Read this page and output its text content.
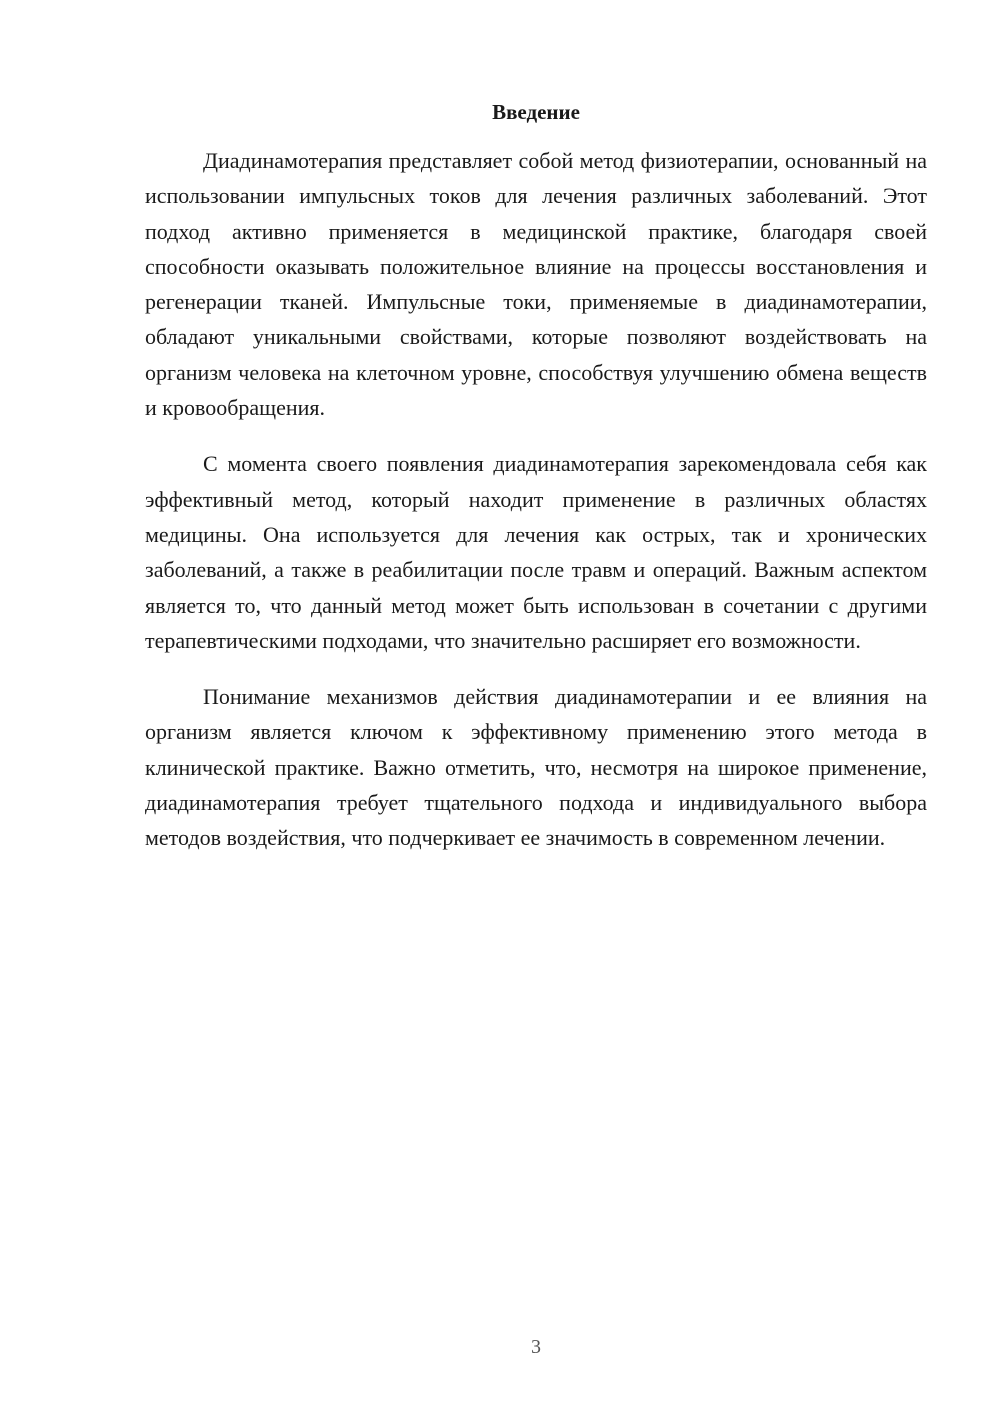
Введение

Диадинамотерапия представляет собой метод физиотерапии, основанный на использовании импульсных токов для лечения различных заболеваний. Этот подход активно применяется в медицинской практике, благодаря своей способности оказывать положительное влияние на процессы восстановления и регенерации тканей. Импульсные токи, применяемые в диадинамотерапии, обладают уникальными свойствами, которые позволяют воздействовать на организм человека на клеточном уровне, способствуя улучшению обмена веществ и кровообращения.

С момента своего появления диадинамотерапия зарекомендовала себя как эффективный метод, который находит применение в различных областях медицины. Она используется для лечения как острых, так и хронических заболеваний, а также в реабилитации после травм и операций. Важным аспектом является то, что данный метод может быть использован в сочетании с другими терапевтическими подходами, что значительно расширяет его возможности.

Понимание механизмов действия диадинамотерапии и ее влияния на организм является ключом к эффективному применению этого метода в клинической практике. Важно отметить, что, несмотря на широкое применение, диадинамотерапия требует тщательного подхода и индивидуального выбора методов воздействия, что подчеркивает ее значимость в современном лечении.

3
